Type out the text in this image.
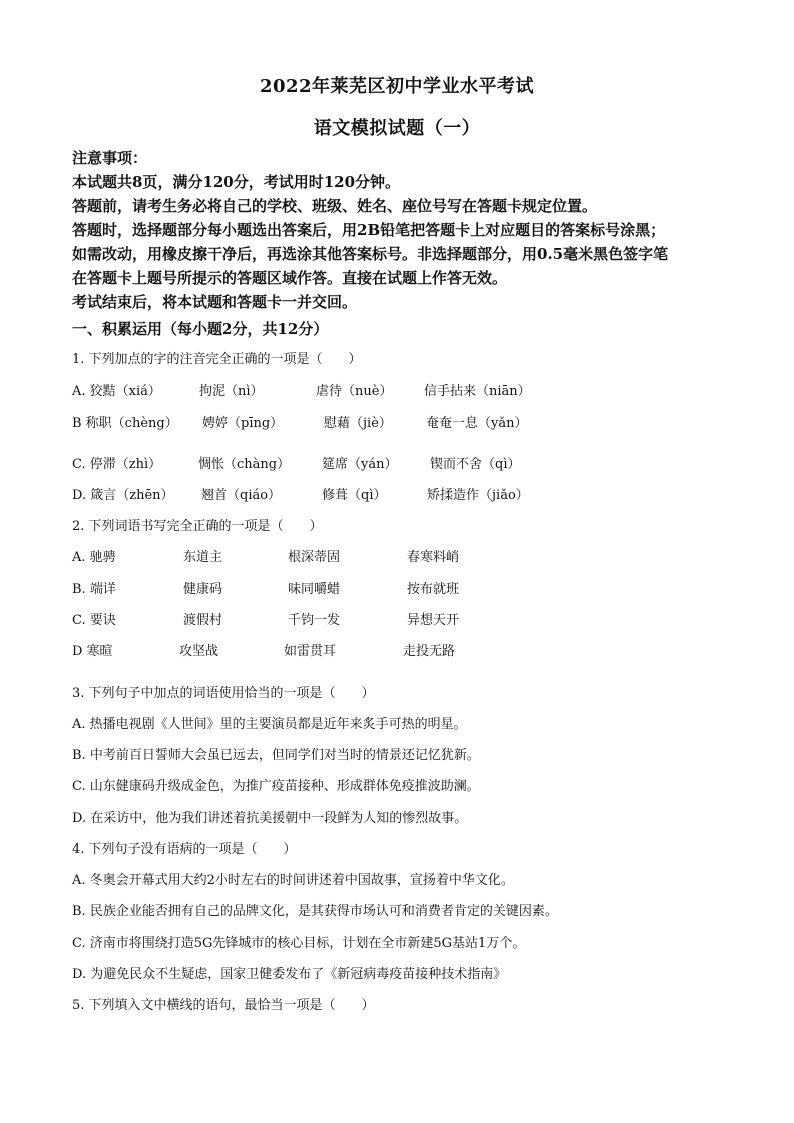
2022年莱芜区初中学业水平考试
语文模拟试题（一）
注意事项：
本试题共8页，满分120分，考试用时120分钟。
答题前，请考生务必将自己的学校、班级、姓名、座位号写在答题卡规定位置。
答题时，选择题部分每小题选出答案后，用2B铅笔把答题卡上对应题目的答案标号涂黑；
如需改动，用橡皮擦干净后，再选涂其他答案标号。非选择题部分，用0.5毫米黑色签字笔
在答题卡上题号所提示的答题区域作答。直接在试题上作答无效。
考试结束后，将本试题和答题卡一并交回。
一、积累运用（每小题2分，共12分）
1. 下列加点的字的注音完全正确的一项是（　　）
A. 狡黠（xiá）	拘泥（nì）	虐待（nuè） 信手拈来（niān）
B 称职（chèng） 娉婷（pīng）	慰藉（jiè）	奄奄一息（yǎn）
C. 停滞（zhì）	惆怅（chàng） 筵席（yán）	锲而不舍（qì）
D. 箴言（zhēn） 翘首（qiáo）	修葺（qì）	矫揉造作（jiǎo）
2. 下列词语书写完全正确的一项是（　　）
A. 驰骋	东道主	根深蒂固	春寒料峭
B. 端详	健康码	味同嚼蜡	按布就班
C. 要诀	渡假村	千钧一发	异想天开
D 寒暄	攻坚战	如雷贯耳	走投无路
3. 下列句子中加点的词语使用恰当的一项是（　　）
A. 热播电视剧《人世间》里的主要演员都是近年来炙手可热的明星。
B. 中考前百日誓师大会虽已远去，但同学们对当时的情景还记忆犹新。
C. 山东健康码升级成金色，为推广疫苗接种、形成群体免疫推波助澜。
D. 在采访中，他为我们讲述着抗美援朝中一段鲜为人知的惨烈故事。
4. 下列句子没有语病的一项是（　　）
A. 冬奥会开幕式用大约2小时左右的时间讲述着中国故事，宣扬着中华文化。
B. 民族企业能否拥有自己的品牌文化，是其获得市场认可和消费者肯定的关键因素。
C. 济南市将围绕打造5G先锋城市的核心目标，计划在全市新建5G基站1万个。
D. 为避免民众不生疑虑，国家卫健委发布了《新冠病毒疫苗接种技术指南》
5. 下列填入文中横线的语句，最恰当一项是（　　）
